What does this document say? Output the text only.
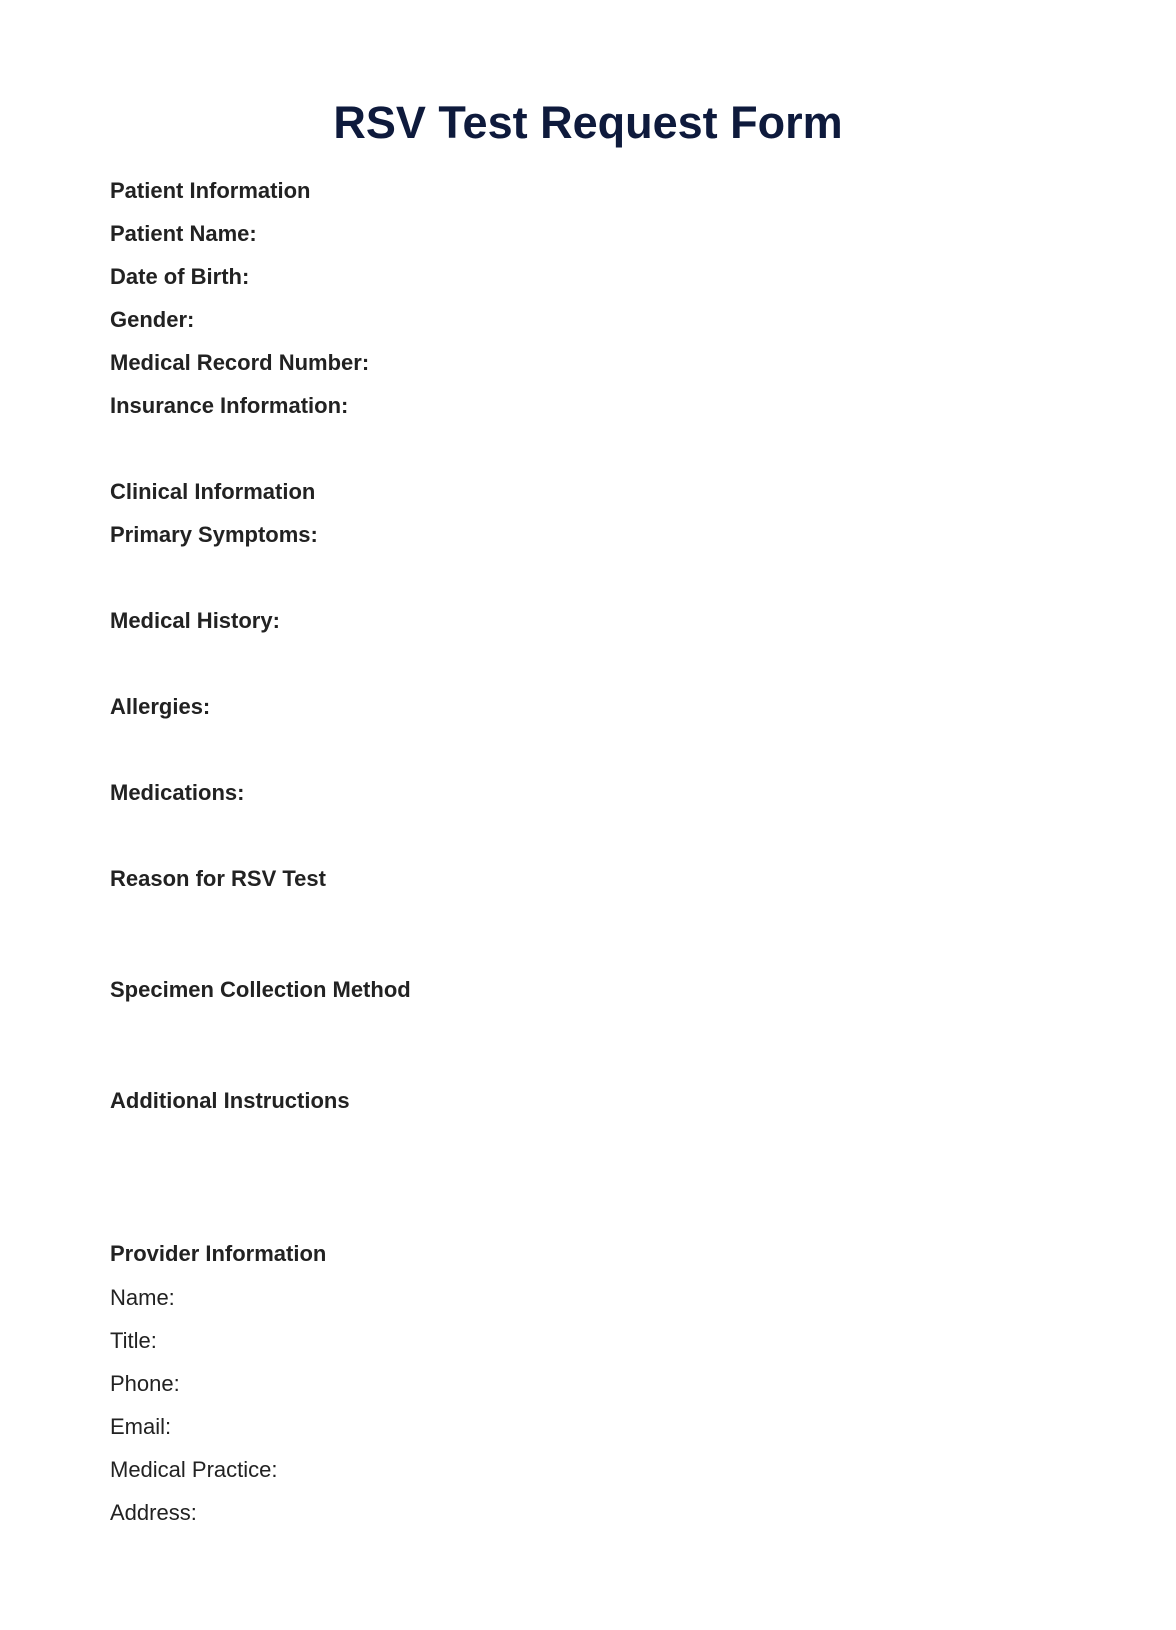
RSV Test Request Form
Patient Information
Patient Name:
Date of Birth:
Gender:
Medical Record Number:
Insurance Information:
Clinical Information
Primary Symptoms:
Medical History:
Allergies:
Medications:
Reason for RSV Test
Specimen Collection Method
Additional Instructions
Provider Information
Name:
Title:
Phone:
Email:
Medical Practice:
Address:
